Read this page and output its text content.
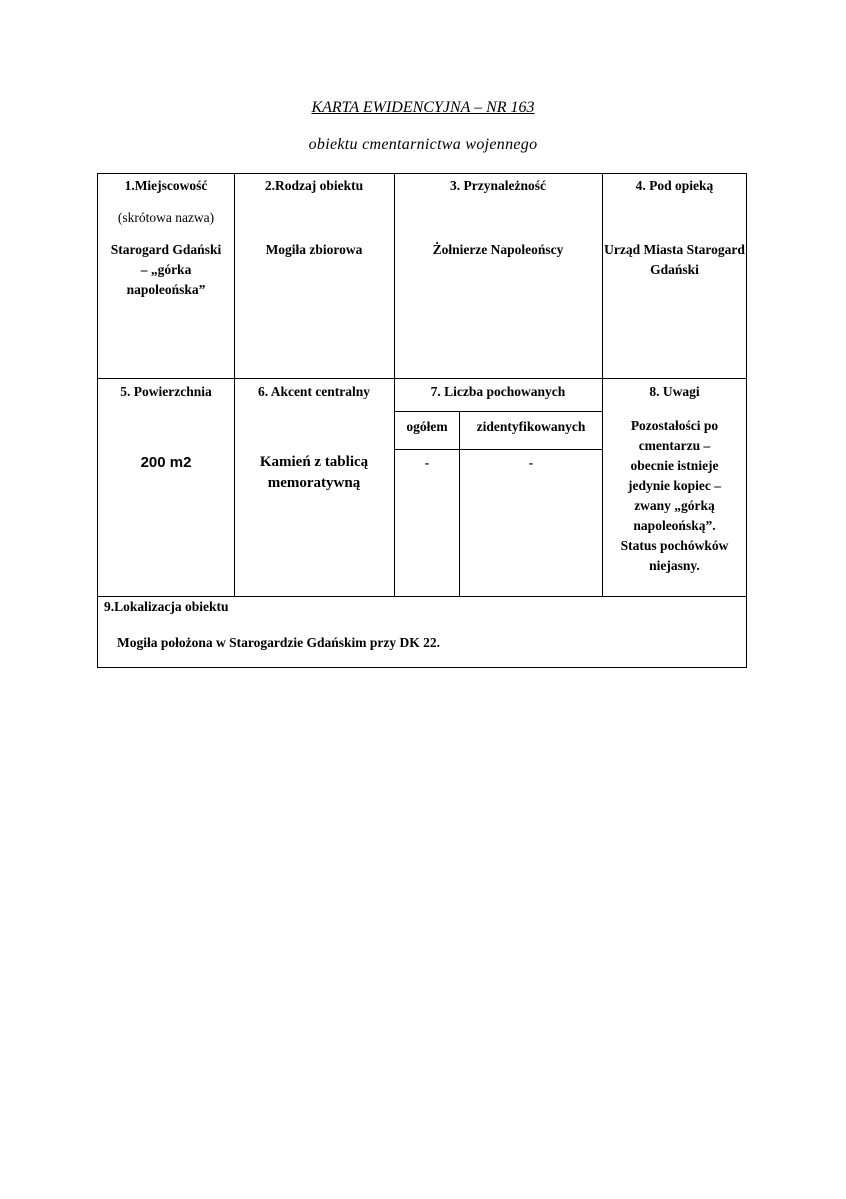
KARTA EWIDENCYJNA – NR 163
obiektu cmentarnictwa wojennego
1.Miejscowość
(skrótowa nazwa)
Starogard Gdański – „górka napoleońska”
2.Rodzaj obiektu
Mogiła zbiorowa
3. Przynależność
Żołnierze Napoleońscy
4. Pod opieką
Urząd Miasta Starogard Gdański
5. Powierzchnia
200 m2
6. Akcent centralny
Kamień z tablicą memoratywną
7. Liczba pochowanych
ogółem	zidentyfikowanych
-	-
8. Uwagi
Pozostałości po cmentarzu – obecnie istnieje jedynie kopiec – zwany „górką napoleońską”. Status pochówków niejasny.
9.Lokalizacja obiektu
Mogiła położona w Starogardzie Gdańskim przy DK 22.
